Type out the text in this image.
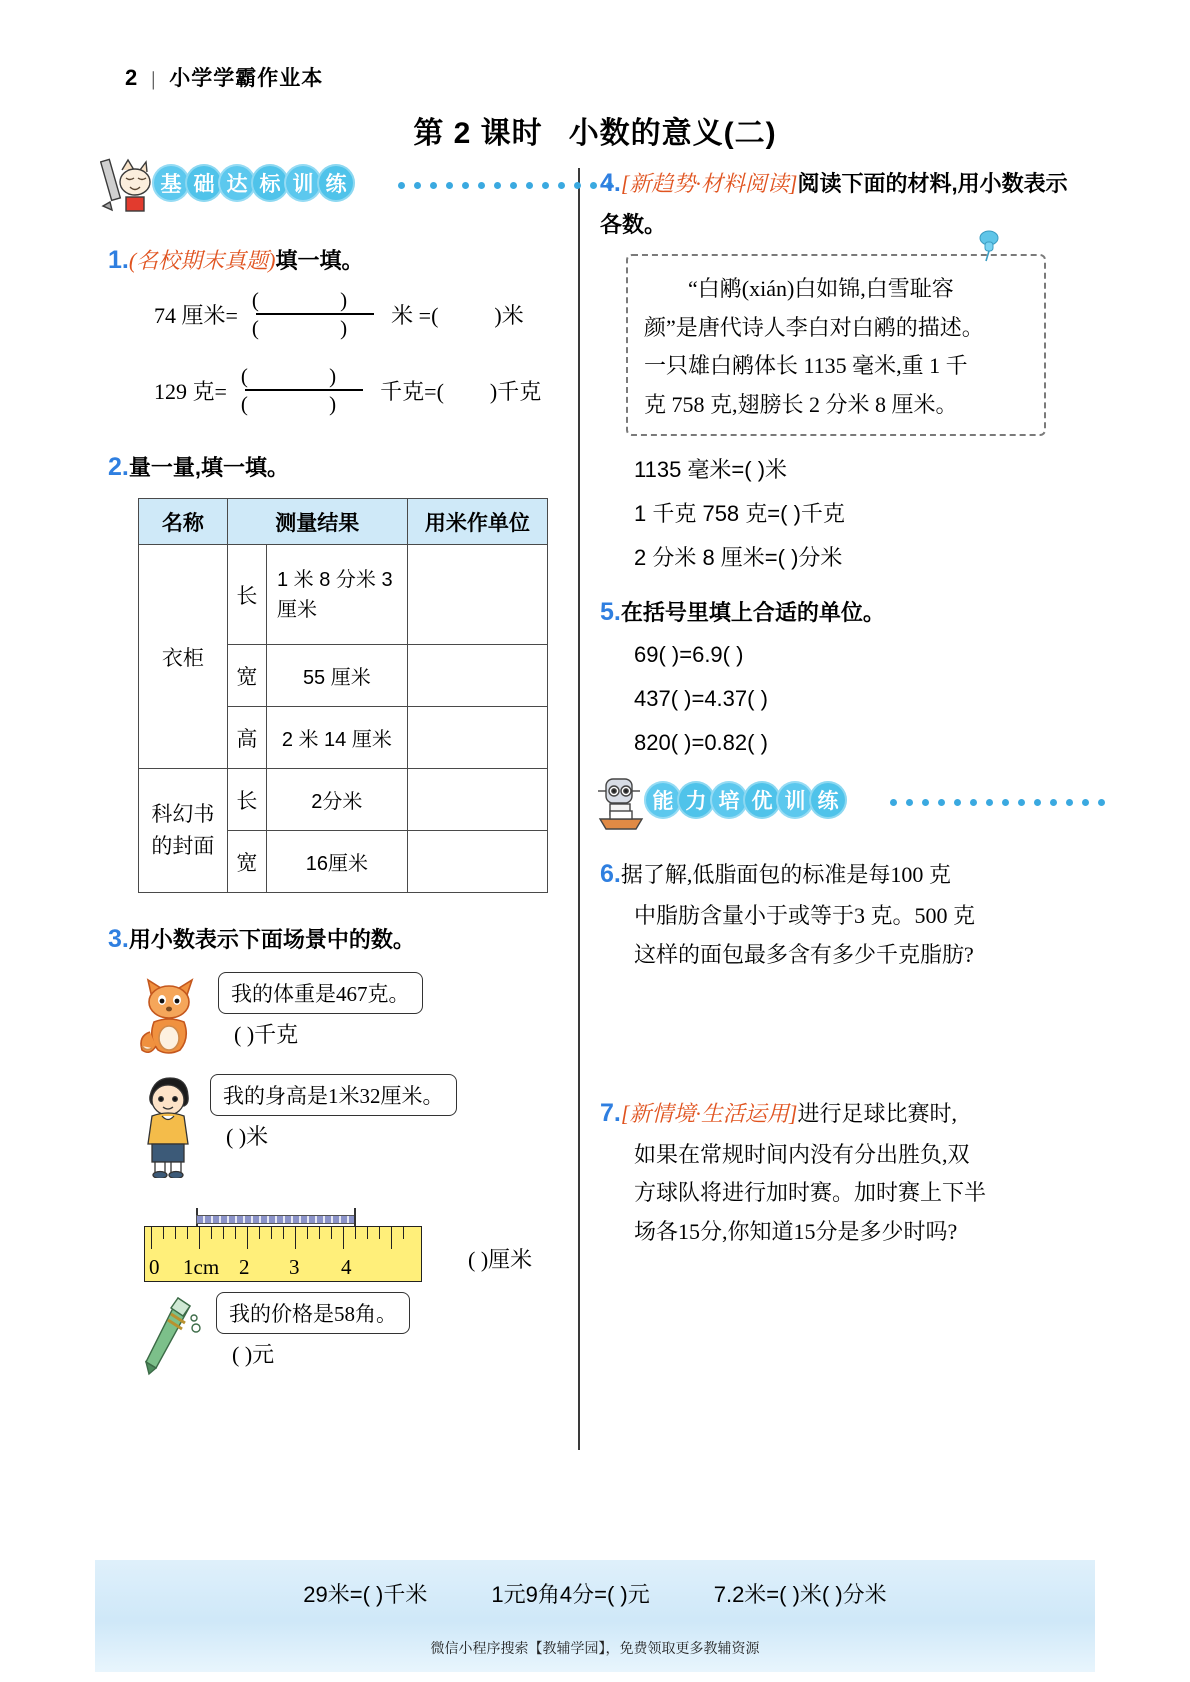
2 | 小学学霸作业本
第 2 课时 小数的意义(二)
基 础 达 标 训 练
1.(名校期末真题)填一填。
74 厘米= $\frac{( )}{( )}$ 米 =(	)米
129 克= $\frac{( )}{( )}$ 千克=( )千克
2.量一量,填一填。
名称	测量结果		用米作单位
衣柜	长	1 米 8 分米 3 厘米	
	宽	55 厘米	
	高	2 米 14 厘米	
科幻书的封面	长	2分米	
	宽	16厘米	
3.用小数表示下面场景中的数。
我的体重是467克。
( )千克
我的身高是1米32厘米。
( )米
0 1cm 2 3 4	( )厘米
我的价格是58角。
( )元
4.[新趋势·材料阅读]阅读下面的材料,用小数表示各数。
“白鹇(xián)白如锦,白雪耻容
颜”是唐代诗人李白对白鹇的描述。
一只雄白鹇体长 1135 毫米,重 1 千
克 758 克,翅膀长 2 分米 8 厘米。
1135 毫米=( )米
1 千克 758 克=( )千克
2 分米 8 厘米=( )分米
5.在括号里填上合适的单位。
69( )=6.9( )
437( )=4.37( )
820( )=0.82( )
能 力 培 优 训 练
6.据了解,低脂面包的标准是每100 克
中脂肪含量小于或等于3 克。500 克
这样的面包最多含有多少千克脂肪?
7.[新情境·生活运用]进行足球比赛时,
如果在常规时间内没有分出胜负,双
方球队将进行加时赛。加时赛上下半
场各15分,你知道15分是多少时吗?
29米=( )千米	1元9角4分=( )元	7.2米=( )米( )分米
微信小程序搜索【教辅学园】，免费领取更多教辅资源
